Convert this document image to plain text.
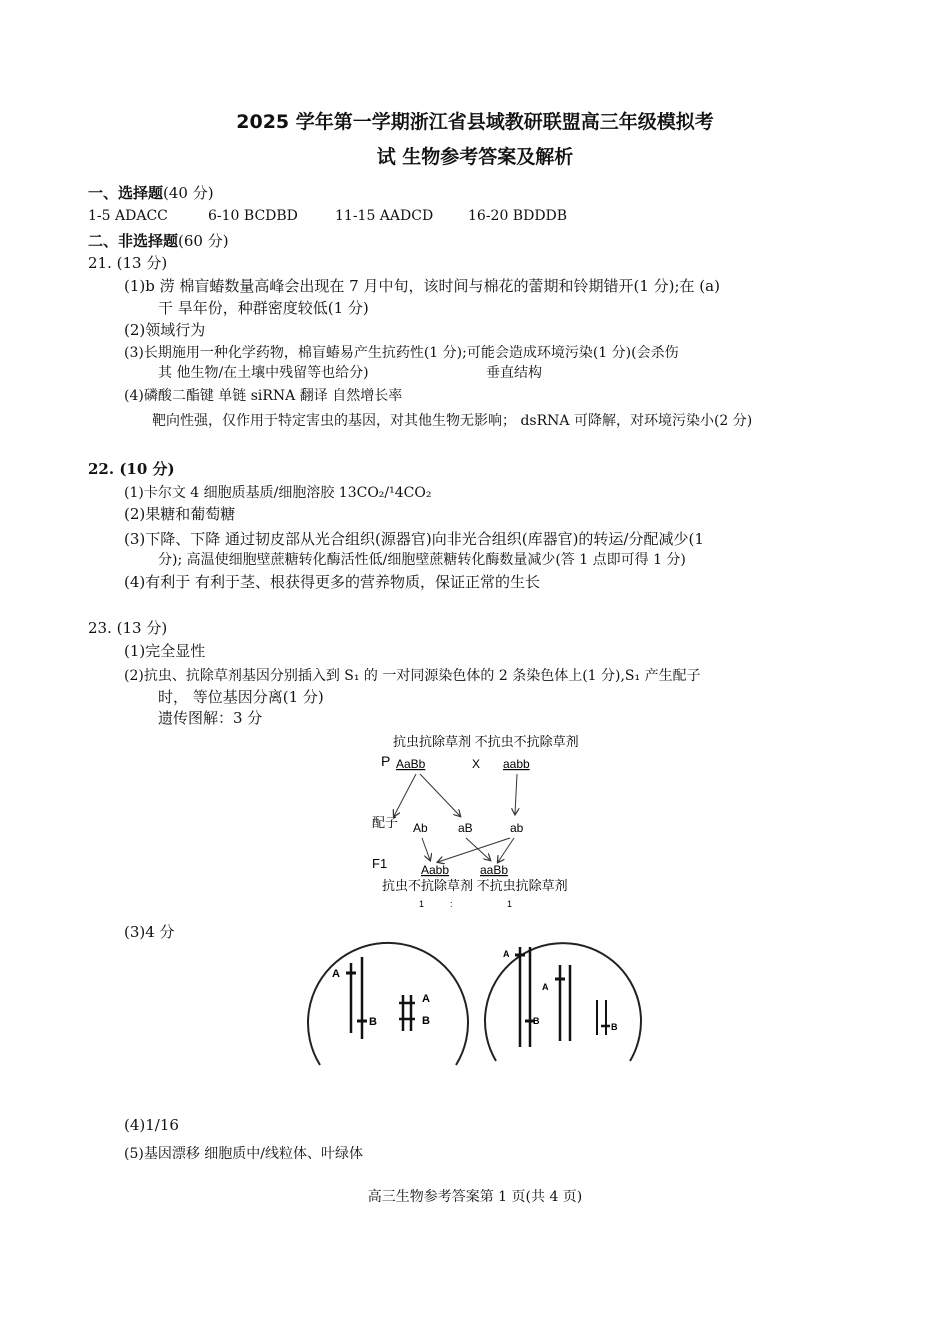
2025 学年第一学期浙江省县域教研联盟高三年级模拟考
试 生物参考答案及解析
一、选择题(40 分)
1-5 ADACC	6-10 BCDBD	11-15 AADCD 16-20 BDDDB
二、非选择题(60 分)
21. (13 分)
(1)b 涝 棉盲蝽数量高峰会出现在 7 月中旬，该时间与棉花的蕾期和铃期错开(1 分);在 (a)
干 旱年份，种群密度较低(1 分)
(2)领域行为
(3)长期施用一种化学药物，棉盲蝽易产生抗药性(1 分);可能会造成环境污染(1 分)(会杀伤
其 他生物/在土壤中残留等也给分)	垂直结构
(4)磷酸二酯键 单链 siRNA 翻译 自然增长率
靶向性强，仅作用于特定害虫的基因，对其他生物无影响； dsRNA 可降解，对环境污染小(2 分)
22. (10 分)
(1)卡尔文 4 细胞质基质/细胞溶胶 13CO₂/¹4CO₂
(2)果糖和葡萄糖
(3)下降、下降 通过韧皮部从光合组织(源器官)向非光合组织(库器官)的转运/分配减少(1
分); 高温使细胞壁蔗糖转化酶活性低/细胞壁蔗糖转化酶数量减少(答 1 点即可得 1 分)
(4)有利于 有利于茎、根获得更多的营养物质，保证正常的生长
23. (13 分)
(1)完全显性
(2)抗虫、抗除草剂基因分别插入到 S₁ 的 一对同源染色体的 2 条染色体上(1 分),S₁ 产生配子
时， 等位基因分离(1 分)
遗传图解：3 分
抗虫抗除草剂 不抗虫不抗除草剂
P AaBb	X aabb
配子 Ab	aB	ab
F1	Aabb	aaBb
抗虫不抗除草剂 不抗虫抗除草剂
1	:	1
(3)4 分
A
B
A
B
A
B
A
B
(4)1/16
(5)基因漂移 细胞质中/线粒体、叶绿体
高三生物参考答案第 1 页(共 4 页)
